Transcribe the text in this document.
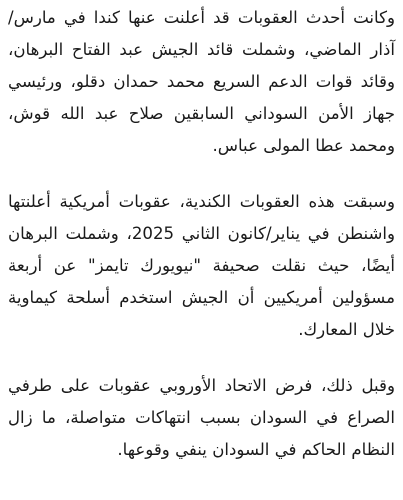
وكانت أحدث العقوبات قد أعلنت عنها كندا في مارس/آذار الماضي، وشملت قائد الجيش عبد الفتاح البرهان، وقائد قوات الدعم السريع محمد حمدان دقلو، ورئيسي جهاز الأمن السوداني السابقين صلاح عبد الله قوش، ومحمد عطا المولى عباس.

وسبقت هذه العقوبات الكندية، عقوبات أمريكية أعلنتها واشنطن في يناير/كانون الثاني 2025، وشملت البرهان أيضًا، حيث نقلت صحيفة "نيويورك تايمز" عن أربعة مسؤولين أمريكيين أن الجيش استخدم أسلحة كيماوية خلال المعارك.

وقبل ذلك، فرض الاتحاد الأوروبي عقوبات على طرفي الصراع في السودان بسبب انتهاكات متواصلة، ما زال النظام الحاكم في السودان ينفي وقوعها.
